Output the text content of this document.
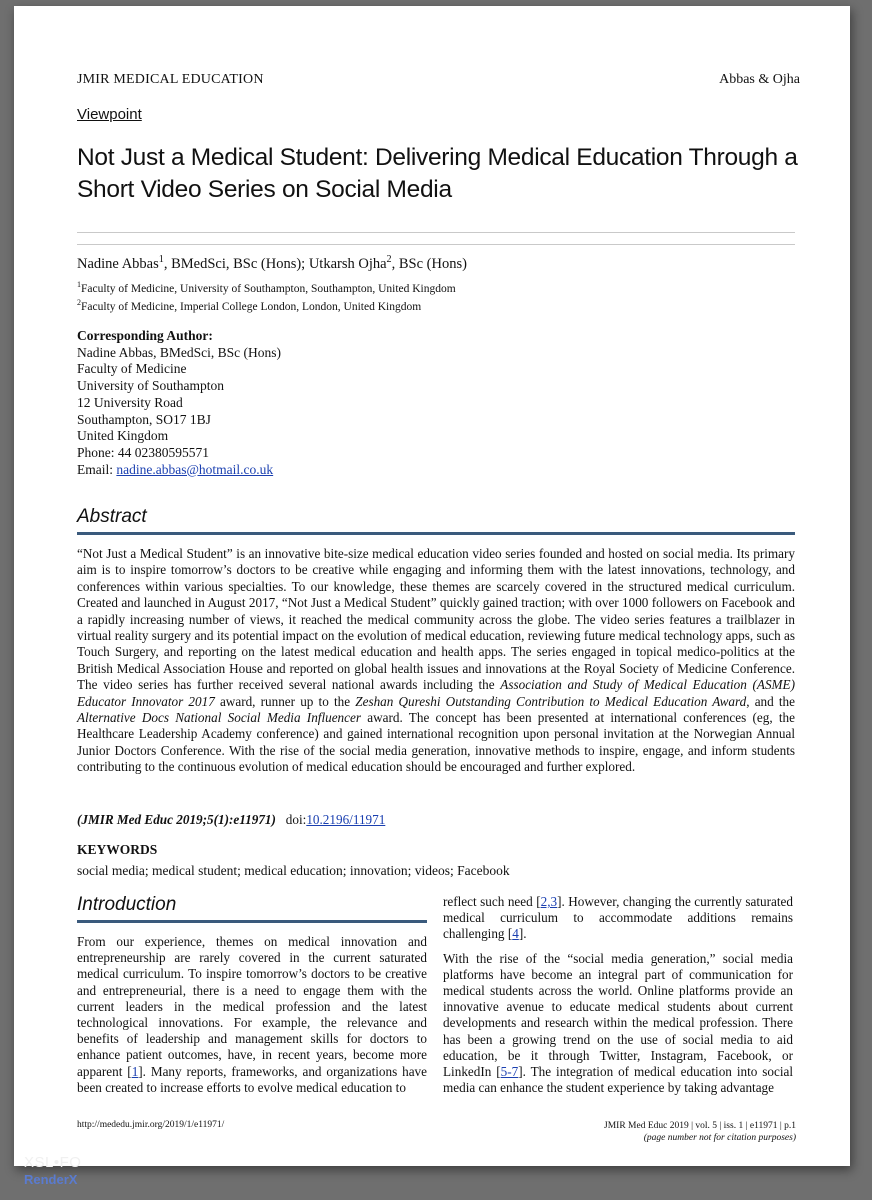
JMIR MEDICAL EDUCATION	Abbas & Ojha
Viewpoint
Not Just a Medical Student: Delivering Medical Education Through a Short Video Series on Social Media
Nadine Abbas$^1$, BMedSci, BSc (Hons); Utkarsh Ojha$^2$, BSc (Hons)
$^1$Faculty of Medicine, University of Southampton, Southampton, United Kingdom
$^2$Faculty of Medicine, Imperial College London, London, United Kingdom
Corresponding Author:
Nadine Abbas, BMedSci, BSc (Hons)
Faculty of Medicine
University of Southampton
12 University Road
Southampton, SO17 1BJ
United Kingdom
Phone: 44 02380595571
Email: nadine.abbas@hotmail.co.uk
Abstract
“Not Just a Medical Student” is an innovative bite-size medical education video series founded and hosted on social media. Its primary aim is to inspire tomorrow’s doctors to be creative while engaging and informing them with the latest innovations, technology, and conferences within various specialties. To our knowledge, these themes are scarcely covered in the structured medical curriculum. Created and launched in August 2017, “Not Just a Medical Student” quickly gained traction; with over 1000 followers on Facebook and a rapidly increasing number of views, it reached the medical community across the globe. The video series features a trailblazer in virtual reality surgery and its potential impact on the evolution of medical education, reviewing future medical technology apps, such as Touch Surgery, and reporting on the latest medical education and health apps. The series engaged in topical medico-politics at the British Medical Association House and reported on global health issues and innovations at the Royal Society of Medicine Conference. The video series has further received several national awards including the Association and Study of Medical Education (ASME) Educator Innovator 2017 award, runner up to the Zeshan Qureshi Outstanding Contribution to Medical Education Award, and the Alternative Docs National Social Media Influencer award. The concept has been presented at international conferences (eg, the Healthcare Leadership Academy conference) and gained international recognition upon personal invitation at the Norwegian Annual Junior Doctors Conference. With the rise of the social media generation, innovative methods to inspire, engage, and inform students contributing to the continuous evolution of medical education should be encouraged and further explored.
(JMIR Med Educ 2019;5(1):e11971) doi:10.2196/11971
KEYWORDS
social media; medical student; medical education; innovation; videos; Facebook
Introduction
From our experience, themes on medical innovation and entrepreneurship are rarely covered in the current saturated medical curriculum. To inspire tomorrow’s doctors to be creative and entrepreneurial, there is a need to engage them with the current leaders in the medical profession and the latest technological innovations. For example, the relevance and benefits of leadership and management skills for doctors to enhance patient outcomes, have, in recent years, become more apparent [1]. Many reports, frameworks, and organizations have been created to increase efforts to evolve medical education to

reflect such need [2,3]. However, changing the currently saturated medical curriculum to accommodate additions remains challenging [4].

With the rise of the “social media generation,” social media platforms have become an integral part of communication for medical students across the world. Online platforms provide an innovative avenue to educate medical students about current developments and research within the medical profession. There has been a growing trend on the use of social media to aid education, be it through Twitter, Instagram, Facebook, or LinkedIn [5-7]. The integration of medical education into social media can enhance the student experience by taking advantage

http://mededu.jmir.org/2019/1/e11971/	JMIR Med Educ 2019 | vol. 5 | iss. 1 | e11971 | p.1
(page number not for citation purposes)
XSL•FO
RenderX
